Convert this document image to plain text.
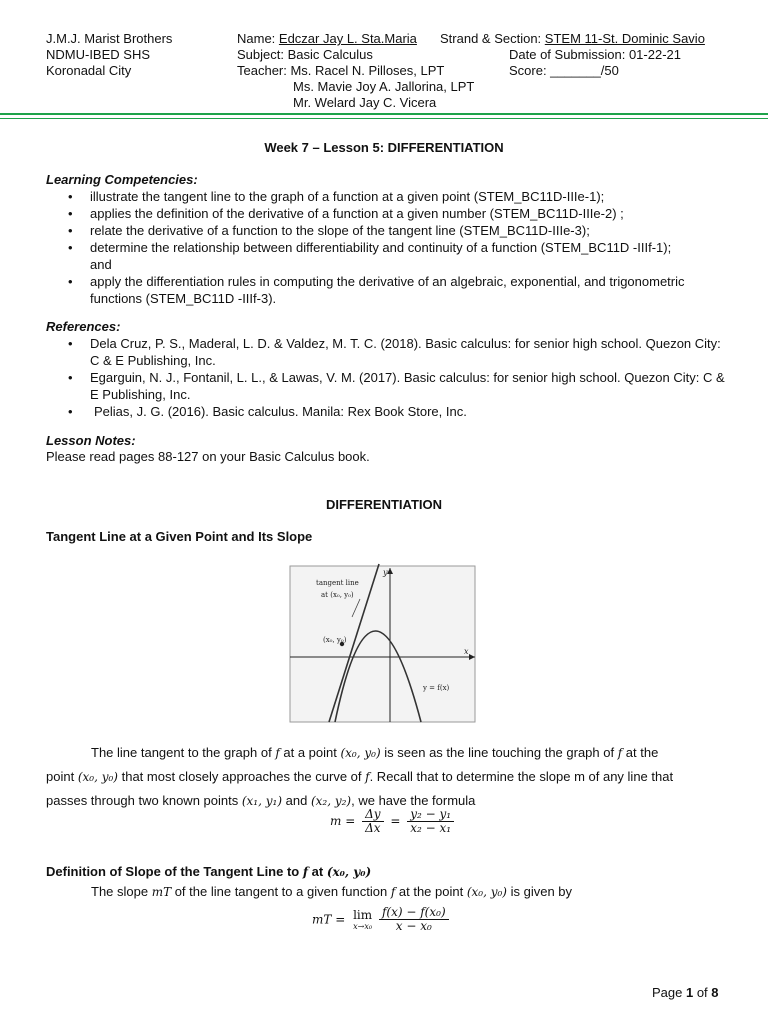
J.M.J. Marist Brothers
NDMU-IBED SHS
Koronadal City
Name: Edczar Jay L. Sta.Maria Strand & Section: STEM 11-St. Dominic Savio
Subject: Basic Calculus	Date of Submission: 01-22-21
Teacher: Ms. Racel N. Pilloses, LPT	Score: _______/50
Ms. Mavie Joy A. Jallorina, LPT
Mr. Welard Jay C. Vicera
Week 7 – Lesson 5: DIFFERENTIATION
Learning Competencies:
• illustrate the tangent line to the graph of a function at a given point (STEM_BC11D-IIIe-1);
• applies the definition of the derivative of a function at a given number (STEM_BC11D-IIIe-2) ;
• relate the derivative of a function to the slope of the tangent line (STEM_BC11D-IIIe-3);
• determine the relationship between differentiability and continuity of a function (STEM_BC11D -IIIf-1); and
• apply the differentiation rules in computing the derivative of an algebraic, exponential, and trigonometric functions (STEM_BC11D -IIIf-3).
References:
• Dela Cruz, P. S., Maderal, L. D. & Valdez, M. T. C. (2018). Basic calculus: for senior high school. Quezon City: C & E Publishing, Inc.
• Egarguin, N. J., Fontanil, L. L., & Lawas, V. M. (2017). Basic calculus: for senior high school. Quezon City: C & E Publishing, Inc.
• Pelias, J. G. (2016). Basic calculus. Manila: Rex Book Store, Inc.
Lesson Notes:
Please read pages 88-127 on your Basic Calculus book.
DIFFERENTIATION
Tangent Line at a Given Point and Its Slope
tangent line
at (x₀, y₀)
(x₀, y₀)
y
x
y = f(x)
The line tangent to the graph of f at a point (x₀, y₀) is seen as the line touching the graph of f at the
point (x₀, y₀) that most closely approaches the curve of f. Recall that to determine the slope m of any line that
passes through two known points (x₁, y₁) and (x₂, y₂), we have the formula
$m = \frac{\Delta y}{\Delta x} = \frac{\text{y₂ − y₁}}{\text{x₂ − x₁}}$
Definition of Slope of the Tangent Line to f at (x₀, y₀)
The slope mT of the line tangent to a given function f at the point (x₀, y₀) is given by
mT = lim
x→x₀
$\frac{\text{f(x) − f(x₀)}}{\text{x − x₀}}$
Page 1 of 8
